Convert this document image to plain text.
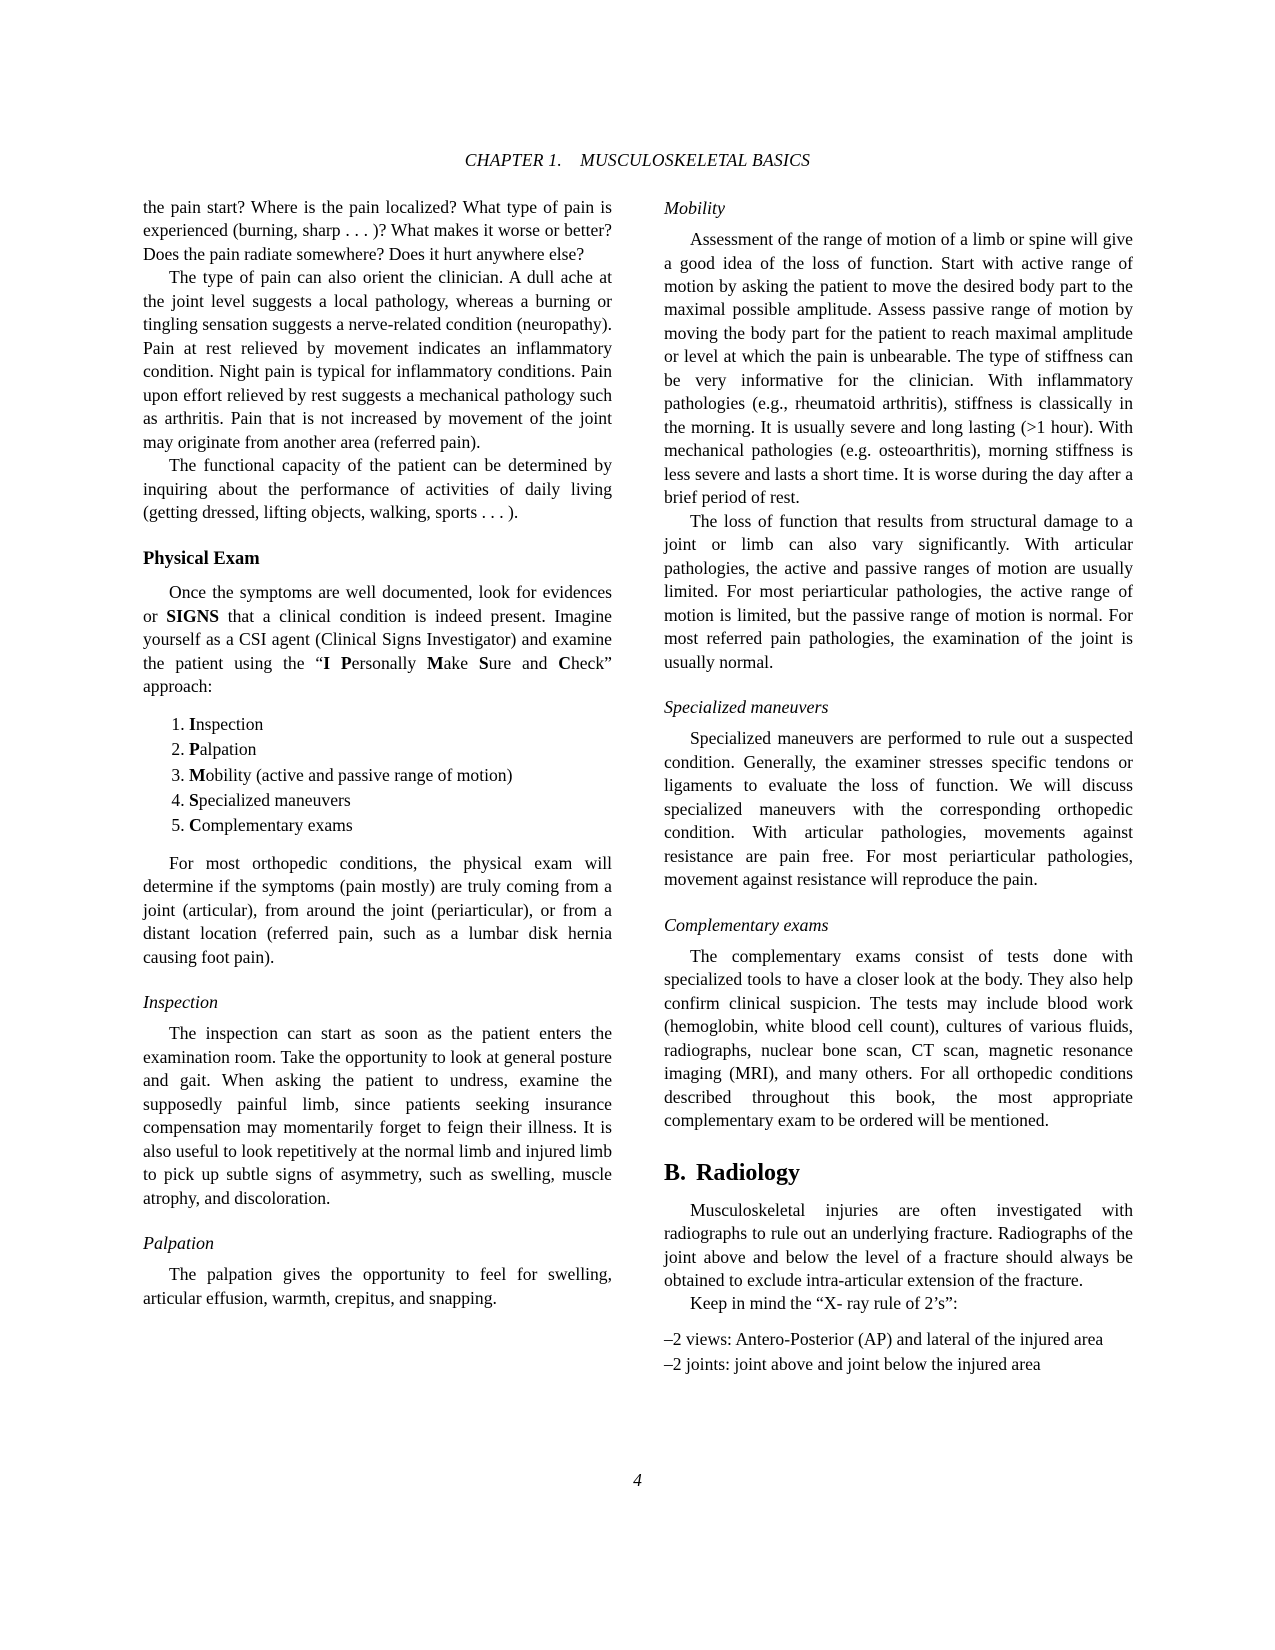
CHAPTER 1. MUSCULOSKELETAL BASICS

the pain start? Where is the pain localized? What type of pain is experienced (burning, sharp . . . )? What makes it worse or better? Does the pain radiate somewhere? Does it hurt anywhere else?

The type of pain can also orient the clinician. A dull ache at the joint level suggests a local pathology, whereas a burning or tingling sensation suggests a nerve-related condition (neuropathy). Pain at rest relieved by movement indicates an inflammatory condition. Night pain is typical for inflammatory conditions. Pain upon effort relieved by rest suggests a mechanical pathology such as arthritis. Pain that is not increased by movement of the joint may originate from another area (referred pain).

The functional capacity of the patient can be determined by inquiring about the performance of activities of daily living (getting dressed, lifting objects, walking, sports . . . ).

Physical Exam

Once the symptoms are well documented, look for evidences or SIGNS that a clinical condition is indeed present. Imagine yourself as a CSI agent (Clinical Signs Investigator) and examine the patient using the “I Personally Make Sure and Check” approach:

1. Inspection
2. Palpation
3. Mobility (active and passive range of motion)
4. Specialized maneuvers
5. Complementary exams

For most orthopedic conditions, the physical exam will determine if the symptoms (pain mostly) are truly coming from a joint (articular), from around the joint (periarticular), or from a distant location (referred pain, such as a lumbar disk hernia causing foot pain).

Inspection

The inspection can start as soon as the patient enters the examination room. Take the opportunity to look at general posture and gait. When asking the patient to undress, examine the supposedly painful limb, since patients seeking insurance compensation may momentarily forget to feign their illness. It is also useful to look repetitively at the normal limb and injured limb to pick up subtle signs of asymmetry, such as swelling, muscle atrophy, and discoloration.

Palpation

The palpation gives the opportunity to feel for swelling, articular effusion, warmth, crepitus, and snapping.

Mobility

Assessment of the range of motion of a limb or spine will give a good idea of the loss of function. Start with active range of motion by asking the patient to move the desired body part to the maximal possible amplitude. Assess passive range of motion by moving the body part for the patient to reach maximal amplitude or level at which the pain is unbearable. The type of stiffness can be very informative for the clinician. With inflammatory pathologies (e.g., rheumatoid arthritis), stiffness is classically in the morning. It is usually severe and long lasting (>1 hour). With mechanical pathologies (e.g. osteoarthritis), morning stiffness is less severe and lasts a short time. It is worse during the day after a brief period of rest.

The loss of function that results from structural damage to a joint or limb can also vary significantly. With articular pathologies, the active and passive ranges of motion are usually limited. For most periarticular pathologies, the active range of motion is limited, but the passive range of motion is normal. For most referred pain pathologies, the examination of the joint is usually normal.

Specialized maneuvers

Specialized maneuvers are performed to rule out a suspected condition. Generally, the examiner stresses specific tendons or ligaments to evaluate the loss of function. We will discuss specialized maneuvers with the corresponding orthopedic condition. With articular pathologies, movements against resistance are pain free. For most periarticular pathologies, movement against resistance will reproduce the pain.

Complementary exams

The complementary exams consist of tests done with specialized tools to have a closer look at the body. They also help confirm clinical suspicion. The tests may include blood work (hemoglobin, white blood cell count), cultures of various fluids, radiographs, nuclear bone scan, CT scan, magnetic resonance imaging (MRI), and many others. For all orthopedic conditions described throughout this book, the most appropriate complementary exam to be ordered will be mentioned.

B. Radiology

Musculoskeletal injuries are often investigated with radiographs to rule out an underlying fracture. Radiographs of the joint above and below the level of a fracture should always be obtained to exclude intra-articular extension of the fracture.

Keep in mind the “X- ray rule of 2’s”:

–2 views: Antero-Posterior (AP) and lateral of the injured area
–2 joints: joint above and joint below the injured area
4
